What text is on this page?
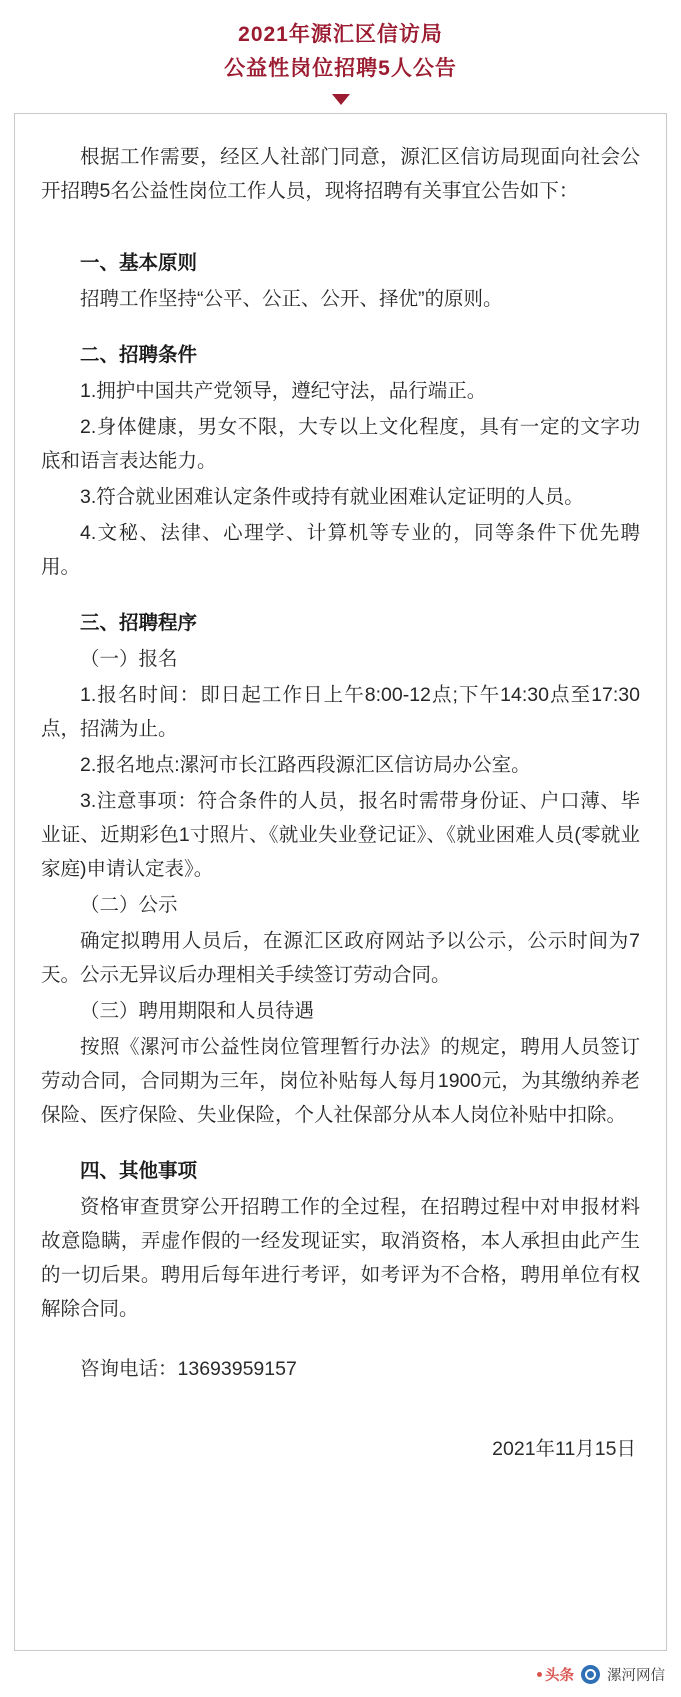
2021年源汇区信访局
公益性岗位招聘5人公告

根据工作需要，经区人社部门同意，源汇区信访局现面向社会公开招聘5名公益性岗位工作人员，现将招聘有关事宜公告如下：

一、基本原则

招聘工作坚持“公平、公正、公开、择优”的原则。

二、招聘条件

1.拥护中国共产党领导，遵纪守法，品行端正。

2.身体健康，男女不限，大专以上文化程度，具有一定的文字功底和语言表达能力。

3.符合就业困难认定条件或持有就业困难认定证明的人员。

4.文秘、法律、心理学、计算机等专业的，同等条件下优先聘用。

三、招聘程序

（一）报名

1.报名时间：即日起工作日上午8:00-12点;下午14:30点至17:30点，招满为止。

2.报名地点:漯河市长江路西段源汇区信访局办公室。

3.注意事项：符合条件的人员，报名时需带身份证、户口薄、毕业证、近期彩色1寸照片、《就业失业登记证》、《就业困难人员(零就业家庭)申请认定表》。

（二）公示

确定拟聘用人员后，在源汇区政府网站予以公示，公示时间为7天。公示无异议后办理相关手续签订劳动合同。

（三）聘用期限和人员待遇

按照《漯河市公益性岗位管理暂行办法》的规定，聘用人员签订劳动合同，合同期为三年，岗位补贴每人每月1900元，为其缴纳养老保险、医疗保险、失业保险，个人社保部分从本人岗位补贴中扣除。

四、其他事项

资格审查贯穿公开招聘工作的全过程，在招聘过程中对申报材料故意隐瞒，弄虚作假的一经发现证实，取消资格，本人承担由此产生的一切后果。聘用后每年进行考评，如考评为不合格，聘用单位有权解除合同。

咨询电话：13693959157

2021年11月15日
头条 漯河网信
